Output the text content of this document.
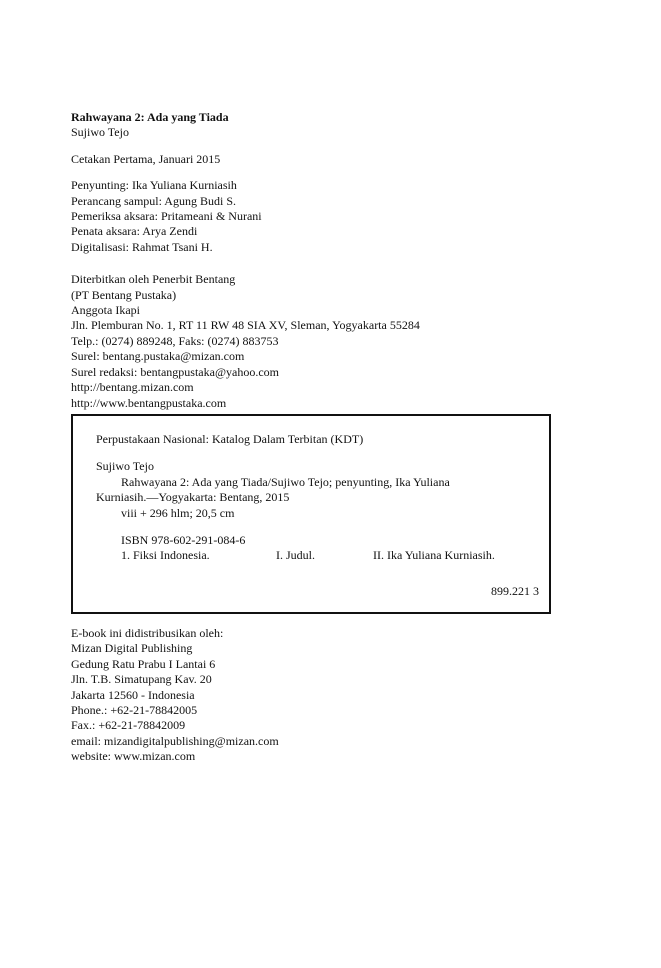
Rahwayana 2: Ada yang Tiada
Sujiwo Tejo
Cetakan Pertama, Januari 2015
Penyunting: Ika Yuliana Kurniasih
Perancang sampul: Agung Budi S.
Pemeriksa aksara: Pritameani & Nurani
Penata aksara: Arya Zendi
Digitalisasi: Rahmat Tsani H.
Diterbitkan oleh Penerbit Bentang
(PT Bentang Pustaka)
Anggota Ikapi
Jln. Plemburan No. 1, RT 11 RW 48 SIA XV, Sleman, Yogyakarta 55284
Telp.: (0274) 889248, Faks: (0274) 883753
Surel: bentang.pustaka@mizan.com
Surel redaksi: bentangpustaka@yahoo.com
http://bentang.mizan.com
http://www.bentangpustaka.com
Perpustakaan Nasional: Katalog Dalam Terbitan (KDT)
Sujiwo Tejo
Rahwayana 2: Ada yang Tiada/Sujiwo Tejo; penyunting, Ika Yuliana
Kurniasih.—Yogyakarta: Bentang, 2015
viii + 296 hlm; 20,5 cm
ISBN 978-602-291-084-6
1. Fiksi Indonesia.	I. Judul.	II. Ika Yuliana Kurniasih.
899.221 3
E-book ini didistribusikan oleh:
Mizan Digital Publishing
Gedung Ratu Prabu I Lantai 6
Jln. T.B. Simatupang Kav. 20
Jakarta 12560 - Indonesia
Phone.: +62-21-78842005
Fax.: +62-21-78842009
email: mizandigitalpublishing@mizan.com
website: www.mizan.com
